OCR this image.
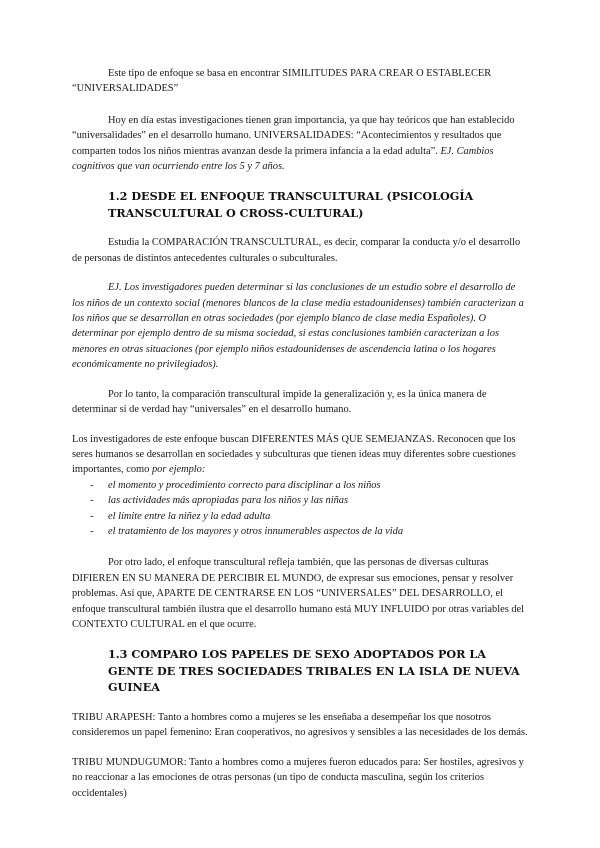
Este tipo de enfoque se basa en encontrar SIMILITUDES PARA CREAR O ESTABLECER “UNIVERSALIDADES”

Hoy en día estas investigaciones tienen gran importancia, ya que hay teóricos que han establecido “universalidades” en el desarrollo humano. UNIVERSALIDADES: “Acontecimientos y resultados que comparten todos los niños mientras avanzan desde la primera infancia a la edad adulta”. EJ. Cambios cognitivos que van ocurriendo entre los 5 y 7 años.

1.2 DESDE EL ENFOQUE TRANSCULTURAL (PSICOLOGÍA TRANSCULTURAL O CROSS-CULTURAL)

Estudia la COMPARACIÓN TRANSCULTURAL, es decir, comparar la conducta y/o el desarrollo de personas de distintos antecedentes culturales o subculturales.

EJ. Los investigadores pueden determinar si las conclusiones de un estudio sobre el desarrollo de los niños de un contexto social (menores blancos de la clase media estadounidenses) también caracterizan a los niños que se desarrollan en otras sociedades (por ejemplo blanco de clase media Españoles). O determinar por ejemplo dentro de su misma sociedad, si estas conclusiones también caracterizan a los menores en otras situaciones (por ejemplo niños estadounidenses de ascendencia latina o los hogares económicamente no privilegiados).

Por lo tanto, la comparación transcultural impide la generalización y, es la única manera de determinar si de verdad hay “universales” en el desarrollo humano.

Los investigadores de este enfoque buscan DIFERENTES MÁS QUE SEMEJANZAS. Reconocen que los seres humanos se desarrollan en sociedades y subculturas que tienen ideas muy diferentes sobre cuestiones importantes, como por ejemplo:

- el momento y procedimiento correcto para disciplinar a los niños
- las actividades más apropiadas para los niños y las niñas
- el límite entre la niñez y la edad adulta
- el tratamiento de los mayores y otros innumerables aspectos de la vida

Por otro lado, el enfoque transcultural refleja también, que las personas de diversas culturas DIFIEREN EN SU MANERA DE PERCIBIR EL MUNDO, de expresar sus emociones, pensar y resolver problemas. Así que, APARTE DE CENTRARSE EN LOS “UNIVERSALES” DEL DESARROLLO, el enfoque transcultural también ilustra que el desarrollo humano está MUY INFLUIDO por otras variables del CONTEXTO CULTURAL en el que ocurre.

1.3 COMPARO LOS PAPELES DE SEXO ADOPTADOS POR LA GENTE DE TRES SOCIEDADES TRIBALES EN LA ISLA DE NUEVA GUINEA

TRIBU ARAPESH: Tanto a hombres como a mujeres se les enseñaba a desempeñar los que nosotros consideremos un papel femenino: Eran cooperativos, no agresivos y sensibles a las necesidades de los demás.

TRIBU MUNDUGUMOR: Tanto a hombres como a mujeres fueron educados para: Ser hostiles, agresivos y no reaccionar a las emociones de otras personas (un tipo de conducta masculina, según los criterios occidentales)
